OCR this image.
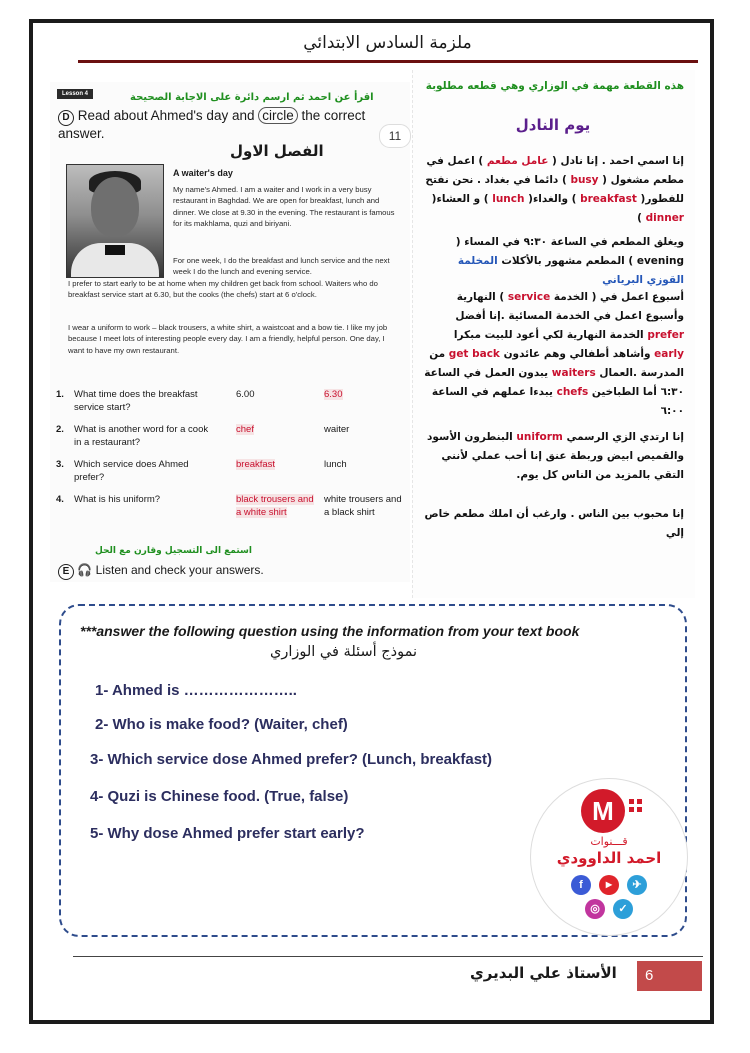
ملزمة السادس الابتدائي
Lesson 4	اقرأ عن احمد ثم ارسم دائرة على الاجابة الصحيحة
D Read about Ahmed's day and circle the correct answer.	11
الفصل الاول
A waiter's day
My name's Ahmed. I am a waiter and I work in a very busy restaurant in Baghdad. We are open for breakfast, lunch and dinner. We close at 9.30 in the evening. The restaurant is famous for its makhlama, quzi and biriyani.
For one week, I do the breakfast and lunch service and the next week I do the lunch and evening service.
I prefer to start early to be at home when my children get back from school. Waiters who do breakfast service start at 6.30, but the cooks (the chefs) start at 6 o'clock.
I wear a uniform to work – black trousers, a white shirt, a waistcoat and a bow tie. I like my job because I meet lots of interesting people every day. I am a friendly, helpful person. One day, I want to have my own restaurant.
1. What time does the breakfast service start?
6.00	6.30
2. What is another word for a cook in a restaurant?
chef	waiter
3. Which service does Ahmed prefer?
breakfast	lunch
4. What is his uniform?	black trousers and a white shirt
white trousers and a black shirt
استمع الى التسجيل وقارن مع الحل
E 🎧 Listen and check your answers.
هذه القطعة مهمة في الوزاري وهي قطعه مطلوبة
يوم النادل
إنا اسمي احمد . إنا نادل ( عامل مطعم ) اعمل في مطعم مشغول ( busy ) دائما في بغداد . نحن نفتح للفطور( breakfast ) والغداء( lunch ) و العشاء( dinner )
ويغلق المطعم في الساعة ٩:٣٠ في المساء ( evening ) المطعم مشهور بالأكلات المخلمة القوزي البرياني
أسبوع اعمل في ( الخدمة service ) النهارية وأسبوع اعمل في الخدمة المسائية .إنا أفضل prefer الخدمة النهارية لكي أعود للبيت مبكرا early وأشاهد أطفالي وهم عائدون get back من المدرسة .العمال waiters يبدون العمل في الساعة ٦:٣٠ أما الطباخين chefs يبدءا عملهم في الساعة ٦:٠٠
إنا ارتدي الزي الرسمي uniform البنطرون الأسود والقميص ابيض وربطة عنق إنا أحب عملي لأنني التقي بالمزيد من الناس كل يوم.
إنا محبوب بين الناس . وارغب أن املك مطعم خاص إلي
***answer the following question using the information from your text book
نموذج أسئلة في الوزاري
1- Ahmed is …………………..
2- Who is make food? (Waiter, chef)
3- Which service dose Ahmed prefer? (Lunch, breakfast)
4- Quzi is Chinese food. (True, false)
5- Why dose Ahmed prefer start early?
M
قـــنوات
احمد الداوودي
f	▶	✈
◎	✓
الأستاذ علي البديري	6
